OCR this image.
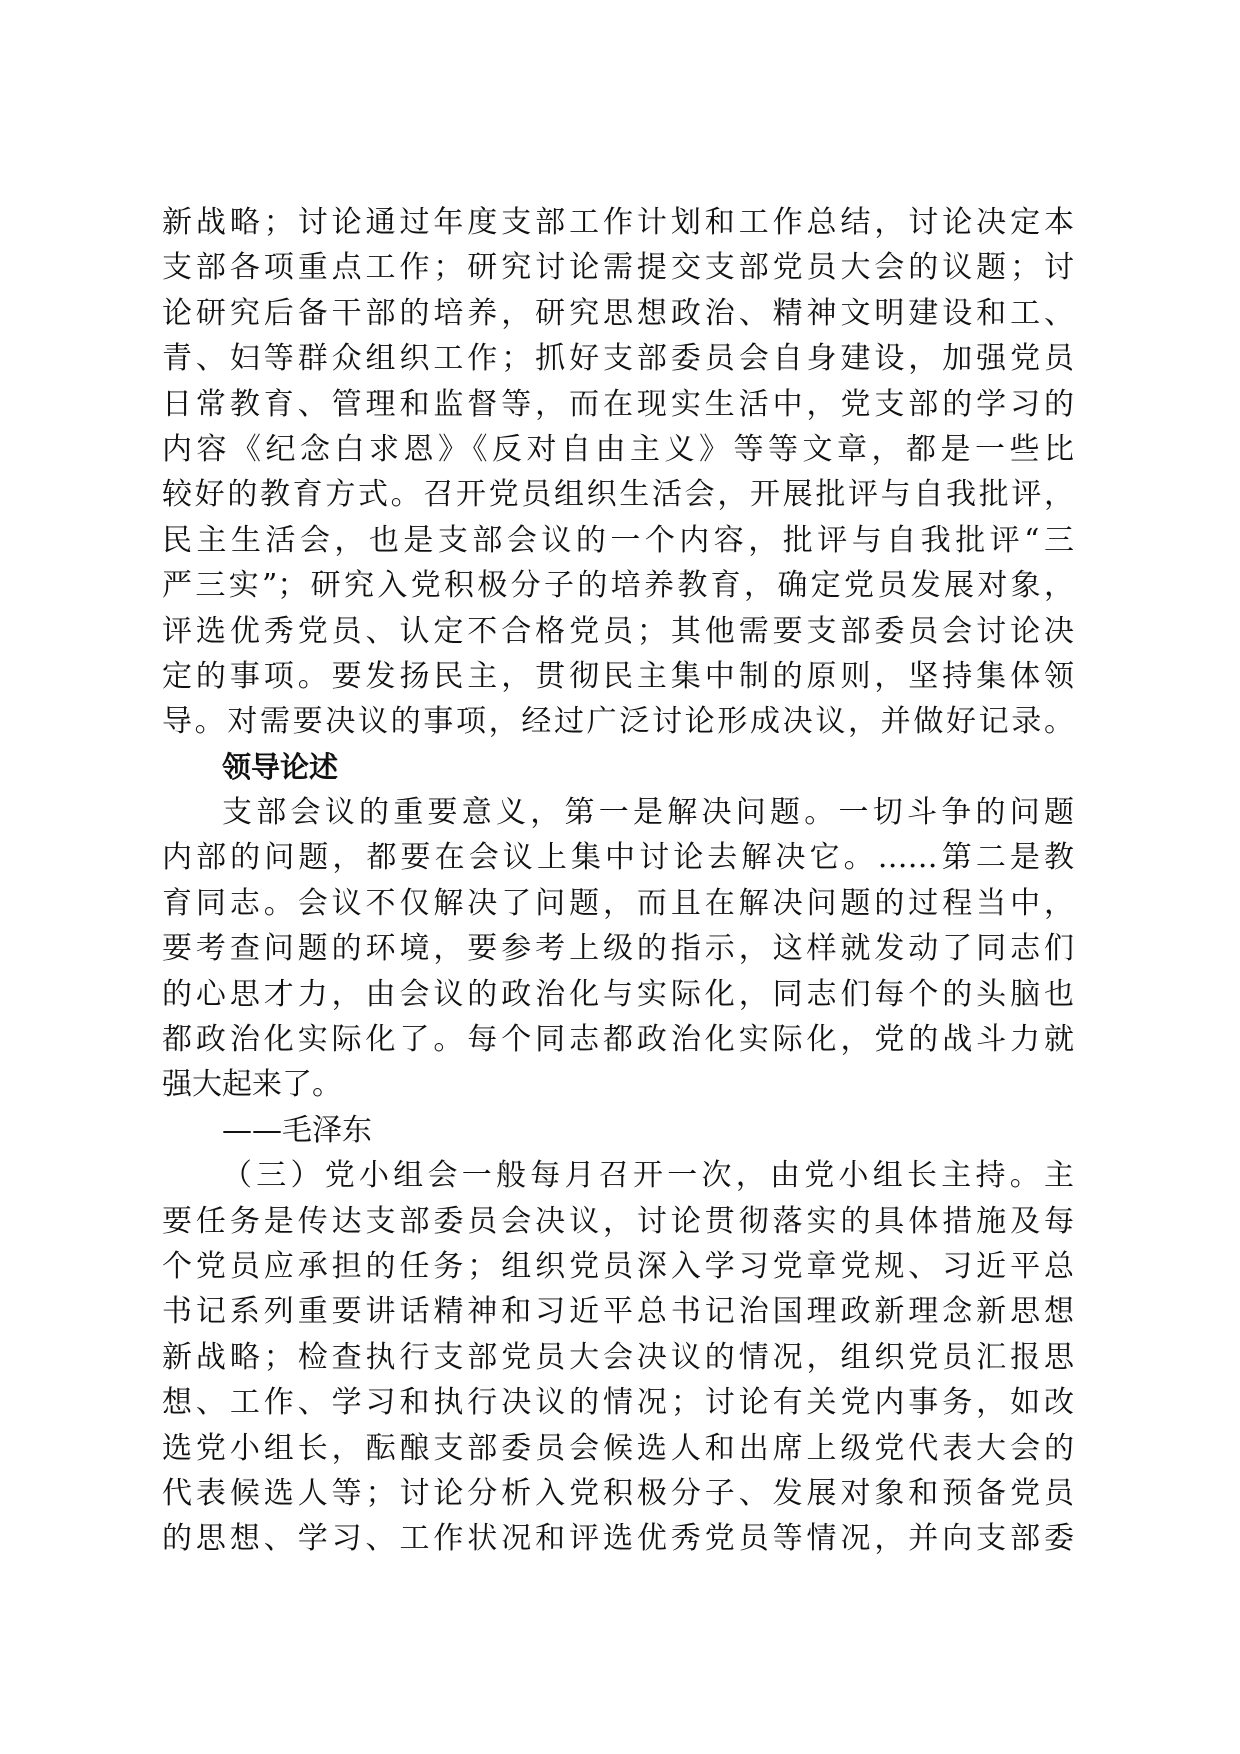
新战略；讨论通过年度支部工作计划和工作总结，讨论决定本
支部各项重点工作；研究讨论需提交支部党员大会的议题；讨
论研究后备干部的培养，研究思想政治、精神文明建设和工、
青、妇等群众组织工作；抓好支部委员会自身建设，加强党员
日常教育、管理和监督等，而在现实生活中，党支部的学习的
内容《纪念白求恩》《反对自由主义》等等文章，都是一些比
较好的教育方式。召开党员组织生活会，开展批评与自我批评，
民主生活会，也是支部会议的一个内容，批评与自我批评“三
严三实”；研究入党积极分子的培养教育，确定党员发展对象，
评选优秀党员、认定不合格党员；其他需要支部委员会讨论决
定的事项。要发扬民主，贯彻民主集中制的原则，坚持集体领
导。对需要决议的事项，经过广泛讨论形成决议，并做好记录。
领导论述
支部会议的重要意义，第一是解决问题。一切斗争的问题
内部的问题，都要在会议上集中讨论去解决它。……第二是教
育同志。会议不仅解决了问题，而且在解决问题的过程当中，
要考查问题的环境，要参考上级的指示，这样就发动了同志们
的心思才力，由会议的政治化与实际化，同志们每个的头脑也
都政治化实际化了。每个同志都政治化实际化，党的战斗力就
强大起来了。
——毛泽东
（三）党小组会一般每月召开一次，由党小组长主持。主
要任务是传达支部委员会决议，讨论贯彻落实的具体措施及每
个党员应承担的任务；组织党员深入学习党章党规、习近平总
书记系列重要讲话精神和习近平总书记治国理政新理念新思想
新战略；检查执行支部党员大会决议的情况，组织党员汇报思
想、工作、学习和执行决议的情况；讨论有关党内事务，如改
选党小组长，酝酿支部委员会候选人和出席上级党代表大会的
代表候选人等；讨论分析入党积极分子、发展对象和预备党员
的思想、学习、工作状况和评选优秀党员等情况，并向支部委
